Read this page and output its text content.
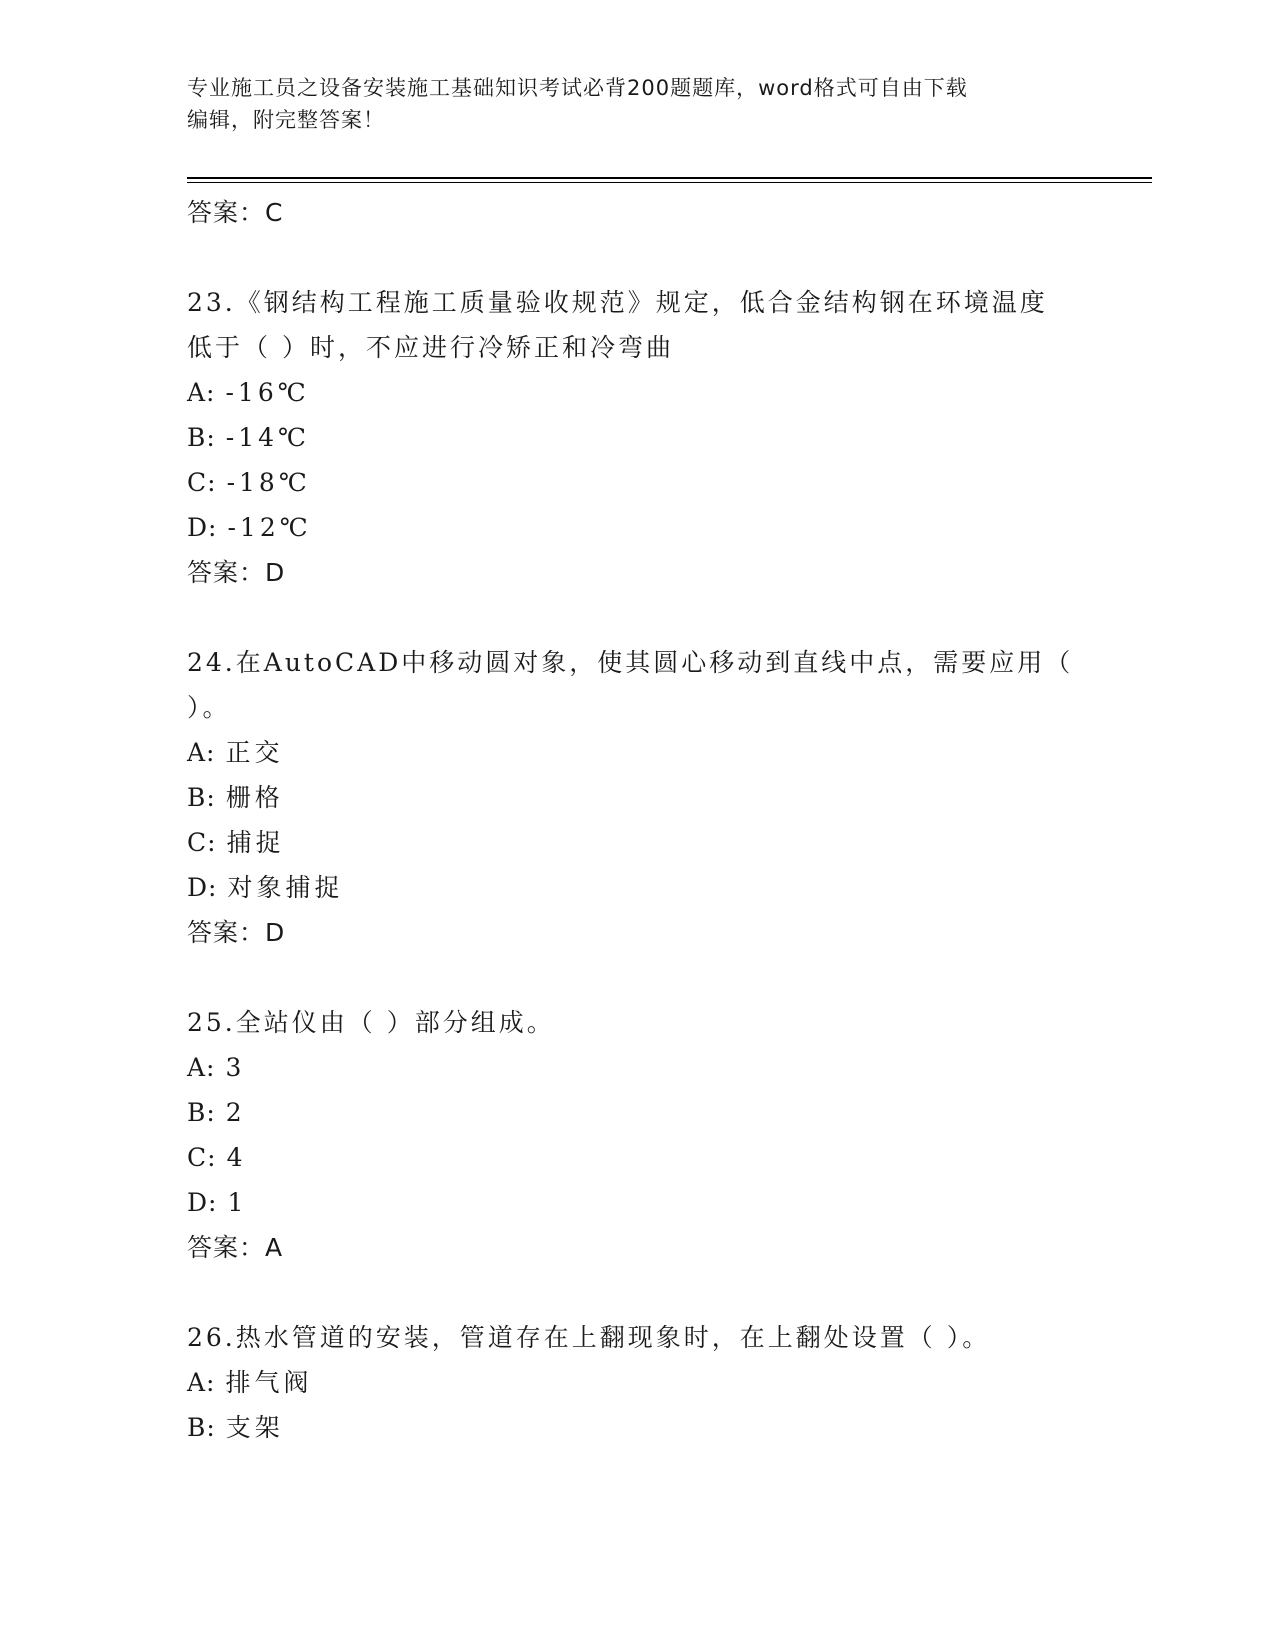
专业施工员之设备安装施工基础知识考试必背200题题库，word格式可自由下载
编辑，附完整答案！
答案：C
23.《钢结构工程施工质量验收规范》规定，低合金结构钢在环境温度
低于（ ）时，不应进行冷矫正和冷弯曲
A: -16℃
B: -14℃
C: -18℃
D: -12℃
答案：D
24.在AutoCAD中移动圆对象，使其圆心移动到直线中点，需要应用（
）。
A: 正交
B: 栅格
C: 捕捉
D: 对象捕捉
答案：D
25.全站仪由（ ）部分组成。
A: 3
B: 2
C: 4
D: 1
答案：A
26.热水管道的安装，管道存在上翻现象时，在上翻处设置（ ）。
A: 排气阀
B: 支架
